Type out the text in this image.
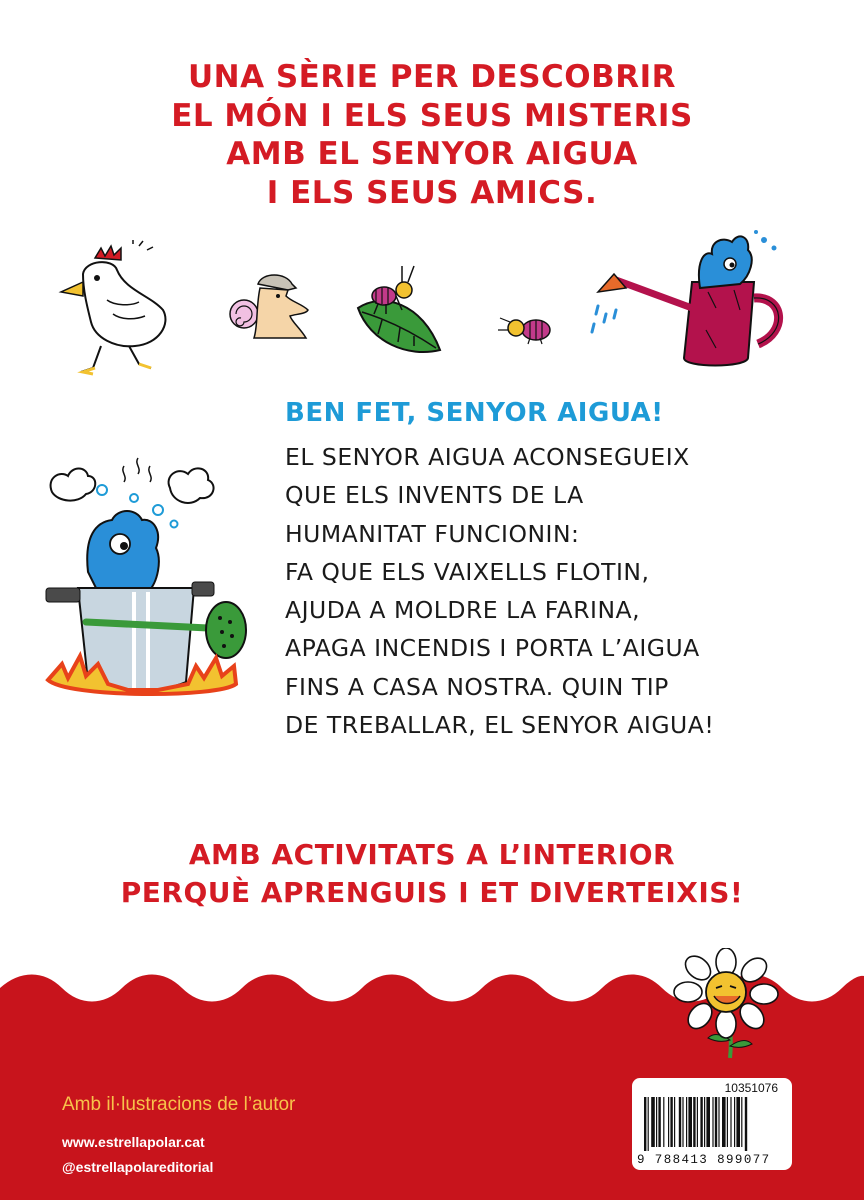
UNA SÈRIE PER DESCOBRIR
EL MÓN I ELS SEUS MISTERIS
AMB EL SENYOR AIGUA
I ELS SEUS AMICS.
BEN FET, SENYOR AIGUA!
EL SENYOR AIGUA ACONSEGUEIX
QUE ELS INVENTS DE LA
HUMANITAT FUNCIONIN:
FA QUE ELS VAIXELLS FLOTIN,
AJUDA A MOLDRE LA FARINA,
APAGA INCENDIS I PORTA L’AIGUA
FINS A CASA NOSTRA. QUIN TIP
DE TREBALLAR, EL SENYOR AIGUA!
AMB ACTIVITATS A L’INTERIOR
PERQUÈ APRENGUIS I ET DIVERTEIXIS!
Amb il·lustracions de l’autor
www.estrellapolar.cat
@estrellapolareditorial
10351076
9 788413 899077
